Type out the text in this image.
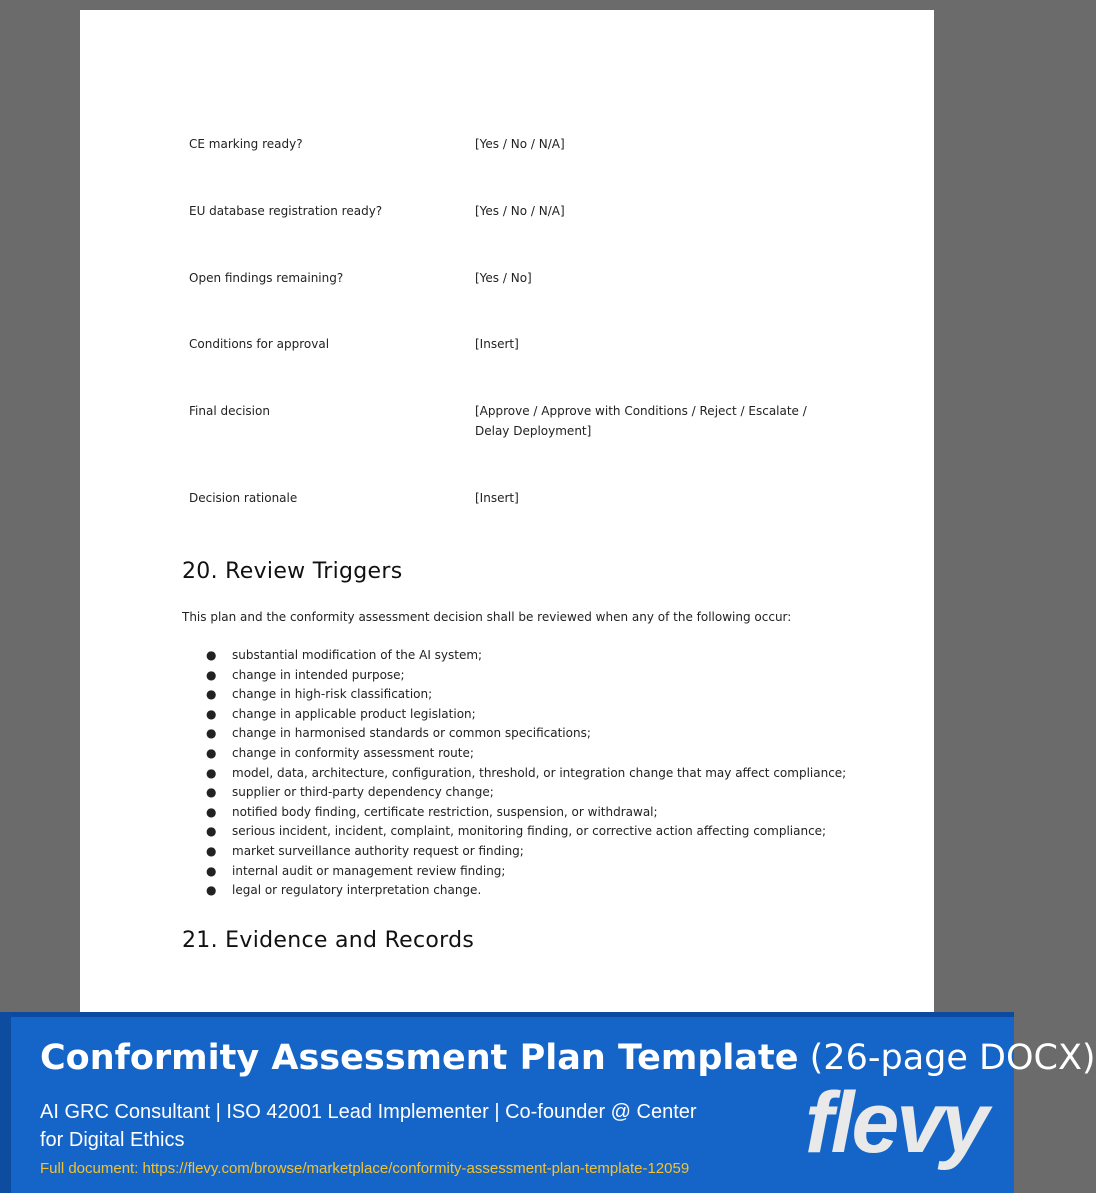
CE marking ready?	[Yes / No / N/A]
EU database registration ready?	[Yes / No / N/A]
Open findings remaining?	[Yes / No]
Conditions for approval	[Insert]
Final decision	[Approve / Approve with Conditions / Reject / Escalate / Delay Deployment]
Decision rationale	[Insert]
20. Review Triggers
This plan and the conformity assessment decision shall be reviewed when any of the following occur:
● substantial modification of the AI system;
● change in intended purpose;
● change in high-risk classification;
● change in applicable product legislation;
● change in harmonised standards or common specifications;
● change in conformity assessment route;
● model, data, architecture, configuration, threshold, or integration change that may affect compliance;
● supplier or third-party dependency change;
● notified body finding, certificate restriction, suspension, or withdrawal;
● serious incident, incident, complaint, monitoring finding, or corrective action affecting compliance;
● market surveillance authority request or finding;
● internal audit or management review finding;
● legal or regulatory interpretation change.
21. Evidence and Records
Conformity Assessment Plan Template (26-page DOCX)
AI GRC Consultant | ISO 42001 Lead Implementer | Co-founder @ Center for Digital Ethics
Full document: https://flevy.com/browse/marketplace/conformity-assessment-plan-template-12059 flevy
